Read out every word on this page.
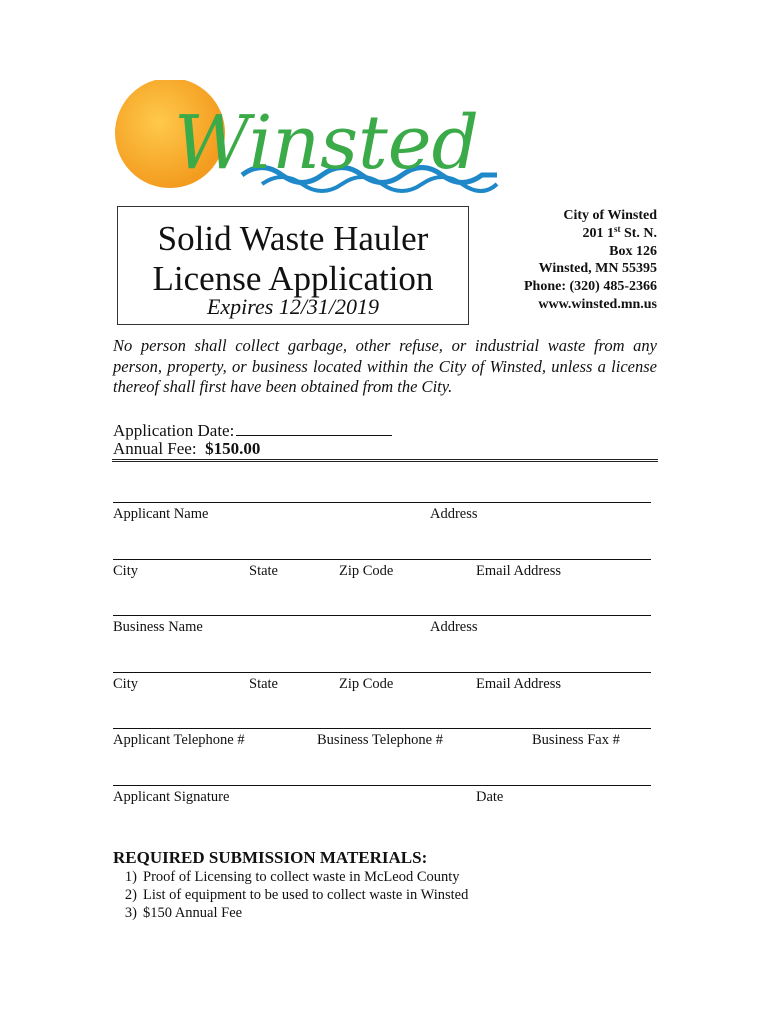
Winsted
Solid Waste Hauler
License Application
Expires 12/31/2019
City of Winsted
201 1st St. N.
Box 126
Winsted, MN 55395
Phone: (320) 485-2366
www.winsted.mn.us
No person shall collect garbage, other refuse, or industrial waste from any person, property, or business located within the City of Winsted, unless a license thereof shall first have been obtained from the City.
Application Date:
Annual Fee: $150.00
Applicant Name	Address
City	State	Zip Code	Email Address
Business Name	Address
City	State	Zip Code	Email Address
Applicant Telephone #	Business Telephone #	Business Fax #
Applicant Signature	Date
REQUIRED SUBMISSION MATERIALS:
1) Proof of Licensing to collect waste in McLeod County
2) List of equipment to be used to collect waste in Winsted
3) $150 Annual Fee
